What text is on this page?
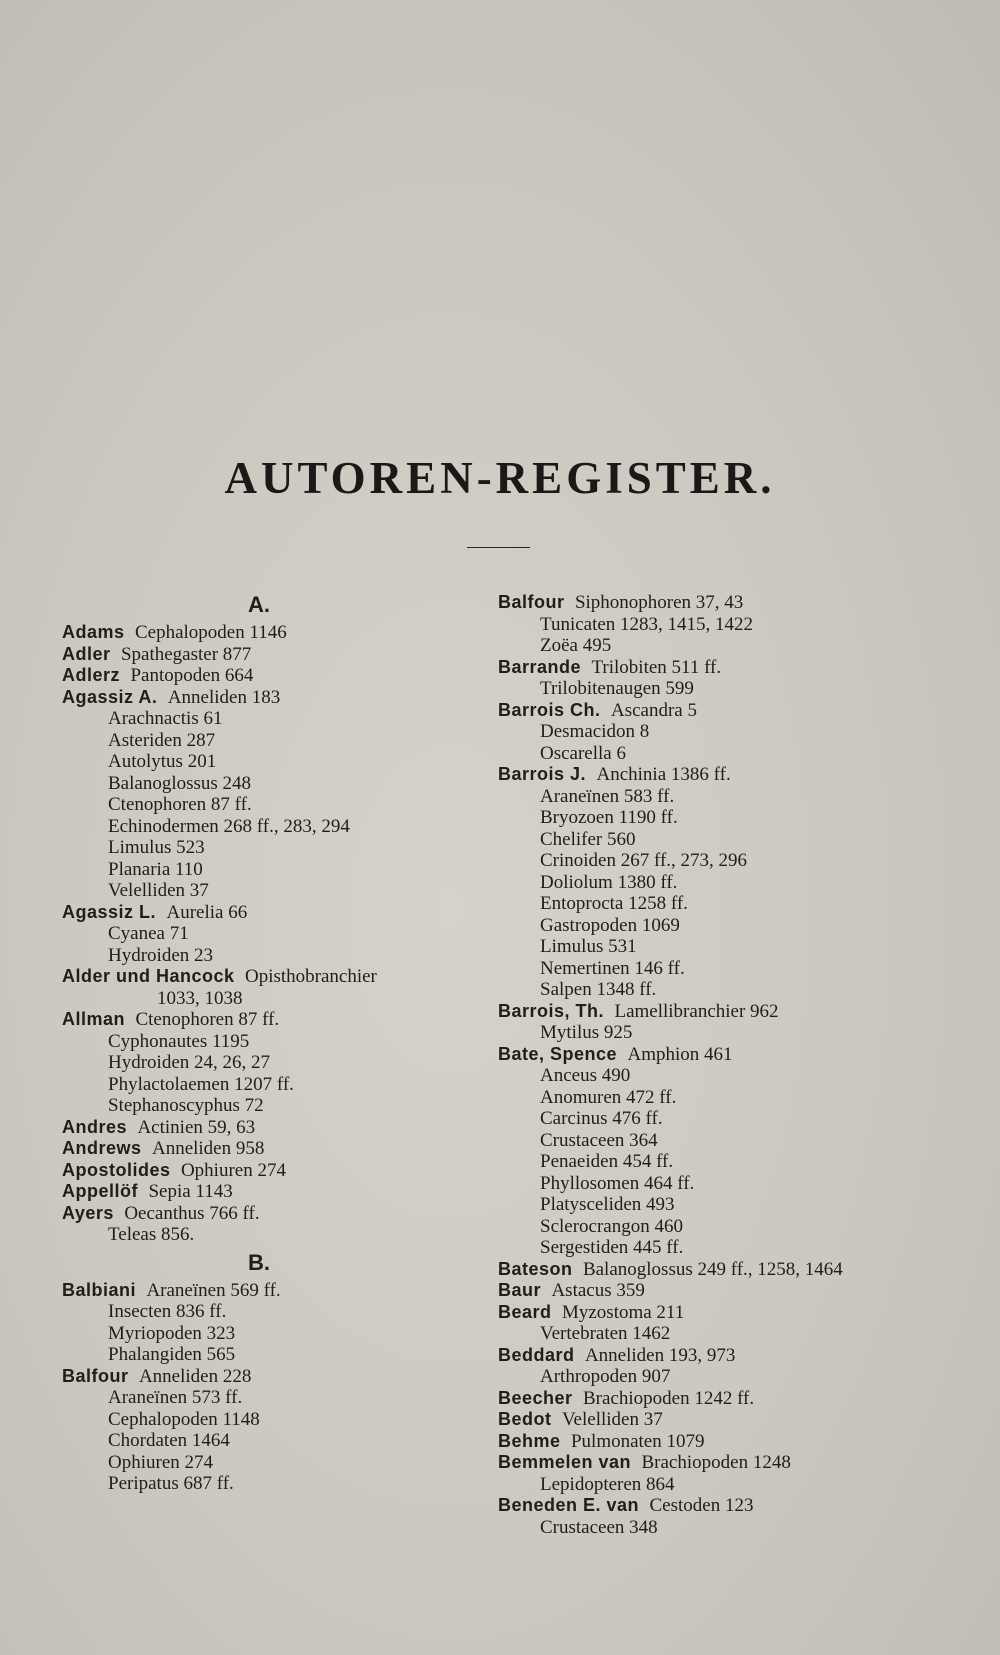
AUTOREN-REGISTER.
A.
Adams Cephalopoden 1146
Adler Spathegaster 877
Adlerz Pantopoden 664
Agassiz A. Anneliden 183
Arachnactis 61
Asteriden 287
Autolytus 201
Balanoglossus 248
Ctenophoren 87 ff.
Echinodermen 268 ff., 283, 294
Limulus 523
Planaria 110
Velelliden 37
Agassiz L. Aurelia 66
Cyanea 71
Hydroiden 23
Alder und Hancock Opisthobranchier
1033, 1038
Allman Ctenophoren 87 ff.
Cyphonautes 1195
Hydroiden 24, 26, 27
Phylactolaemen 1207 ff.
Stephanoscyphus 72
Andres Actinien 59, 63
Andrews Anneliden 958
Apostolides Ophiuren 274
Appellöf Sepia 1143
Ayers Oecanthus 766 ff.
Teleas 856.
B.
Balbiani Araneïnen 569 ff.
Insecten 836 ff.
Myriopoden 323
Phalangiden 565
Balfour Anneliden 228
Araneïnen 573 ff.
Cephalopoden 1148
Chordaten 1464
Ophiuren 274
Peripatus 687 ff.
Balfour Siphonophoren 37, 43
Tunicaten 1283, 1415, 1422
Zoëa 495
Barrande Trilobiten 511 ff.
Trilobitenaugen 599
Barrois Ch. Ascandra 5
Desmacidon 8
Oscarella 6
Barrois J. Anchinia 1386 ff.
Araneïnen 583 ff.
Bryozoen 1190 ff.
Chelifer 560
Crinoiden 267 ff., 273, 296
Doliolum 1380 ff.
Entoprocta 1258 ff.
Gastropoden 1069
Limulus 531
Nemertinen 146 ff.
Salpen 1348 ff.
Barrois, Th. Lamellibranchier 962
Mytilus 925
Bate, Spence Amphion 461
Anceus 490
Anomuren 472 ff.
Carcinus 476 ff.
Crustaceen 364
Penaeiden 454 ff.
Phyllosomen 464 ff.
Platysceliden 493
Sclerocrangon 460
Sergestiden 445 ff.
Bateson Balanoglossus 249 ff., 1258, 1464
Baur Astacus 359
Beard Myzostoma 211
Vertebraten 1462
Beddard Anneliden 193, 973
Arthropoden 907
Beecher Brachiopoden 1242 ff.
Bedot Velelliden 37
Behme Pulmonaten 1079
Bemmelen van Brachiopoden 1248
Lepidopteren 864
Beneden E. van Cestoden 123
Crustaceen 348
